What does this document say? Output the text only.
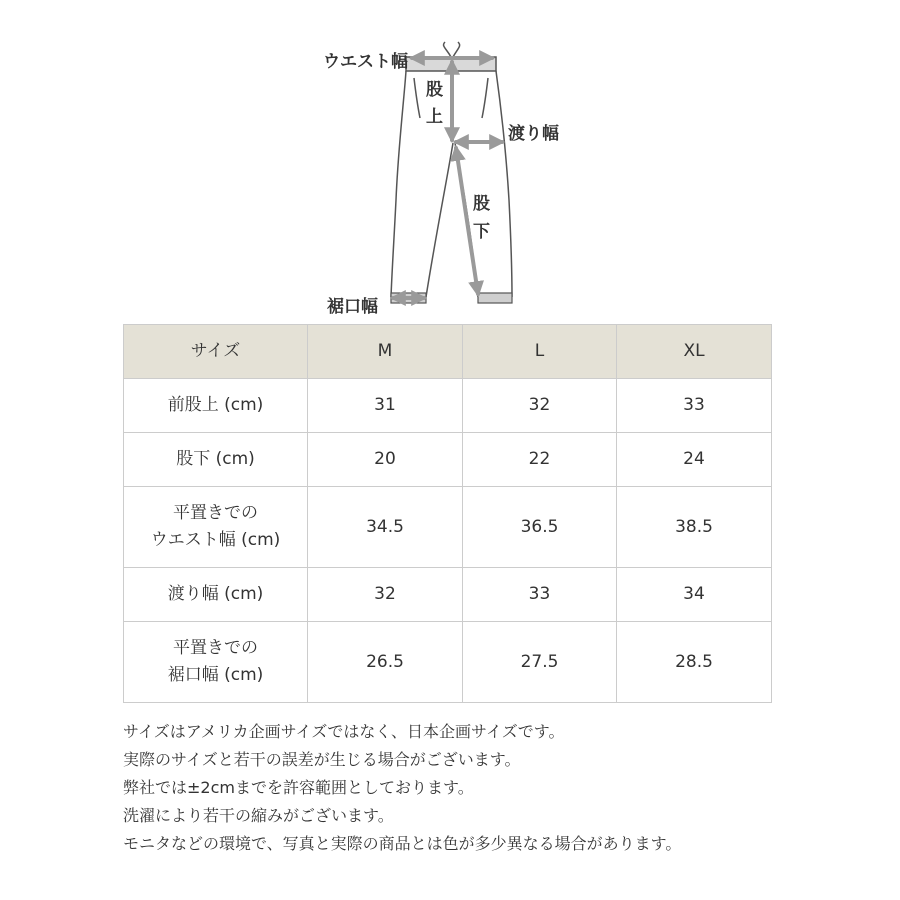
ウエスト幅
股
上
渡り幅
股
下
裾口幅
サイズ	M	L	XL

前股上 (cm)	31	32	33

股下 (cm)	20	22	24

平置きでの
ウエスト幅 (cm)	34.5	36.5	38.5

渡り幅 (cm)	32	33	34

平置きでの
裾口幅 (cm)	26.5	27.5	28.5

サイズはアメリカ企画サイズではなく、日本企画サイズです。

実際のサイズと若干の誤差が生じる場合がございます。

弊社では±2cmまでを許容範囲としております。

洗濯により若干の縮みがございます。

モニタなどの環境で、写真と実際の商品とは色が多少異なる場合があります。
